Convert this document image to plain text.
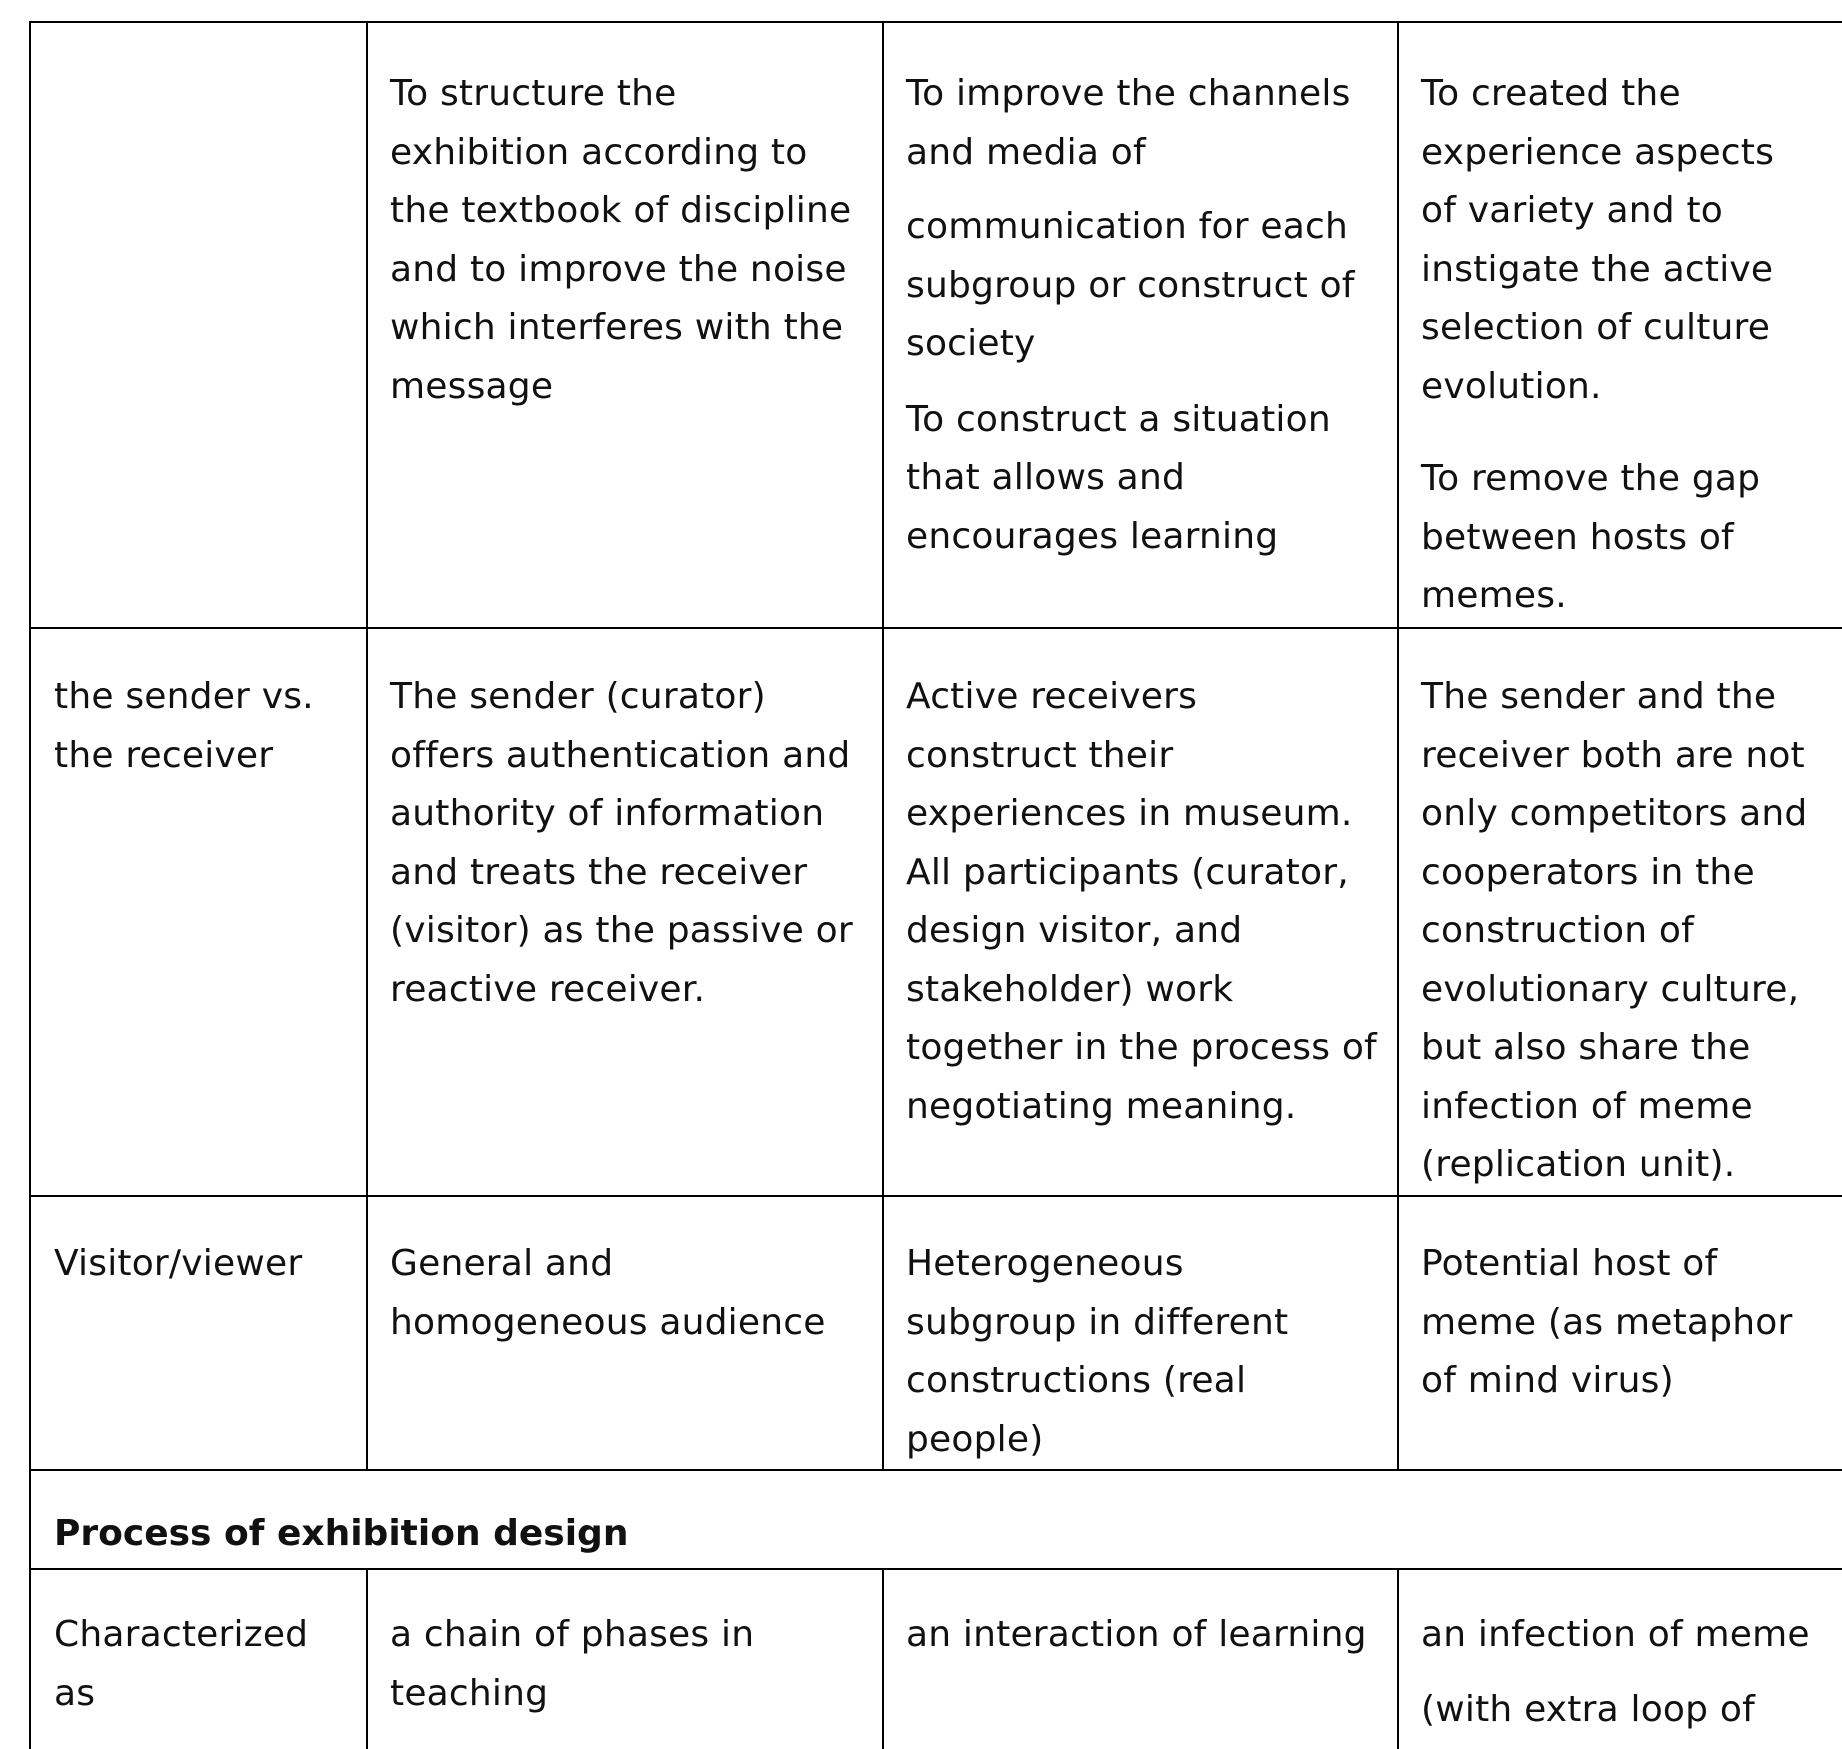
To structure the
exhibition according to
the textbook of discipline
and to improve the noise
which interferes with the
message
To improve the channels
and media of
communication for each
subgroup or construct of
society
To construct a situation
that allows and
encourages learning
To created the
experience aspects
of variety and to
instigate the active
selection of culture
evolution.
To remove the gap
between hosts of
memes.
the sender vs.
the receiver
The sender (curator)
offers authentication and
authority of information
and treats the receiver
(visitor) as the passive or
reactive receiver.
Active receivers
construct their
experiences in museum.
All participants (curator,
design visitor, and
stakeholder) work
together in the process of
negotiating meaning.
The sender and the
receiver both are not
only competitors and
cooperators in the
construction of
evolutionary culture,
but also share the
infection of meme
(replication unit).
Visitor/viewer	General and
homogeneous audience
Heterogeneous
subgroup in different
constructions (real
people)
Potential host of
meme (as metaphor
of mind virus)
Process of exhibition design
Characterized
as
a chain of phases in
teaching
an interaction of learning	an infection of meme
(with extra loop of
